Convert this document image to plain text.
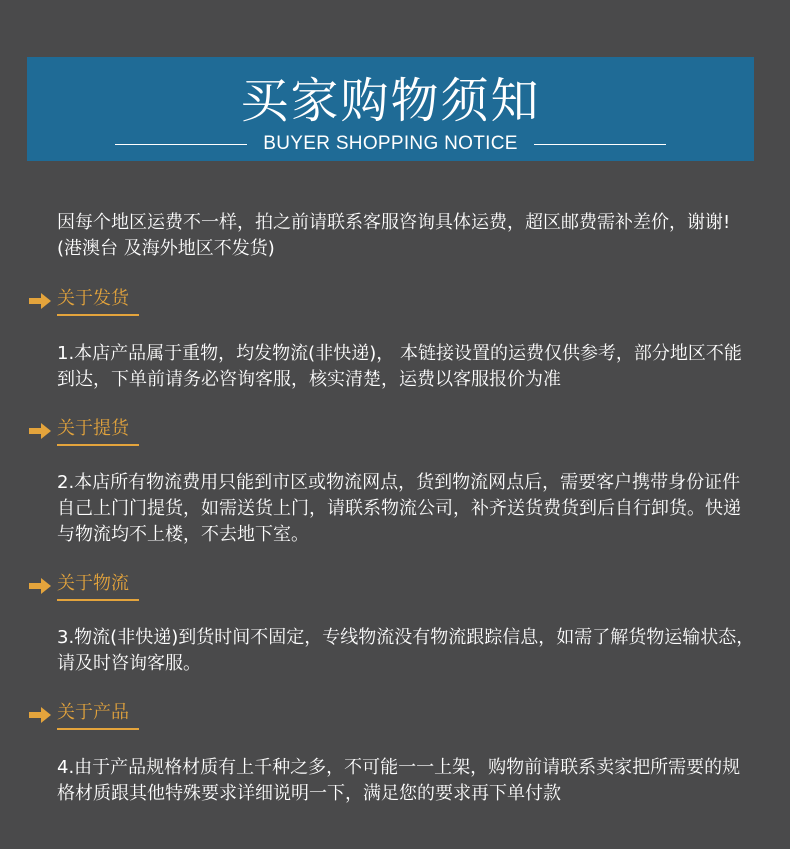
买家购物须知
BUYER SHOPPING NOTICE

因每个地区运费不一样，拍之前请联系客服咨询具体运费，超区邮费需补差价，谢谢! (港澳台 及海外地区不发货)

关于发货

1.本店产品属于重物，均发物流(非快递)， 本链接设置的运费仅供参考，部分地区不能到达，下单前请务必咨询客服，核实清楚，运费以客服报价为准

关于提货

2.本店所有物流费用只能到市区或物流网点，货到物流网点后，需要客户携带身份证件自己上门门提货，如需送货上门，请联系物流公司，补齐送货费货到后自行卸货。快递与物流均不上楼，不去地下室。

关于物流

3.物流(非快递)到货时间不固定，专线物流没有物流跟踪信息，如需了解货物运输状态，请及时咨询客服。

关于产品

4.由于产品规格材质有上千种之多，不可能一一上架，购物前请联系卖家把所需要的规格材质跟其他特殊要求详细说明一下，满足您的要求再下单付款
